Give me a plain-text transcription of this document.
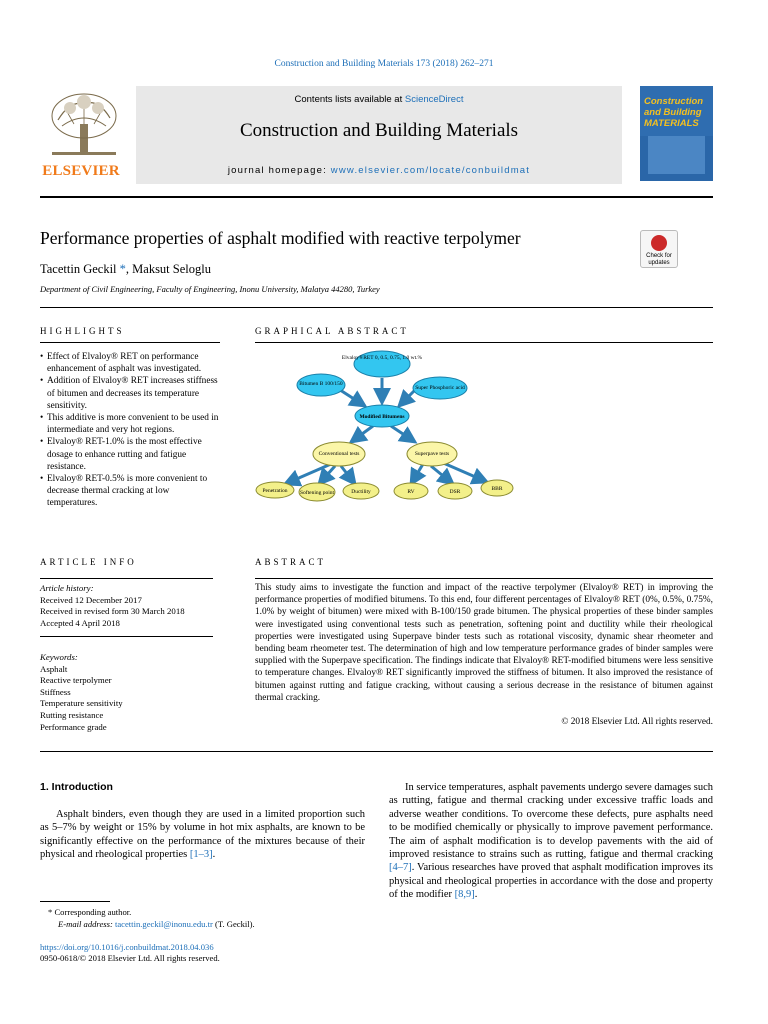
Construction and Building Materials 173 (2018) 262–271
ELSEVIER
Contents lists available at ScienceDirect
Construction and Building Materials
journal homepage: www.elsevier.com/locate/conbuildmat
Construction and Building MATERIALS
Performance properties of asphalt modified with reactive terpolymer
Check for updates
Tacettin Geckil *, Maksut Seloglu
Department of Civil Engineering, Faculty of Engineering, Inonu University, Malatya 44280, Turkey
HIGHLIGHTS
• Effect of Elvaloy® RET on performance enhancement of asphalt was investigated.
• Addition of Elvaloy® RET increases stiffness of bitumen and decreases its temperature sensitivity.
• This additive is more convenient to be used in intermediate and very hot regions.
• Elvaloy® RET-1.0% is the most effective dosage to enhance rutting and fatigue resistance.
• Elvaloy® RET-0.5% is more convenient to decrease thermal cracking at low temperatures.
GRAPHICAL ABSTRACT
Elvaloy®RET 0, 0.5, 0.75, 1.0 wt.%
Bitumen B 100/150
Super Phosphoric acid
Modified Bitumens
Conventional tests	Superpave tests
Penetration Softening point	Ductility	RV	DSR	BBR
ARTICLE INFO
Article history:
Received 12 December 2017
Received in revised form 30 March 2018
Accepted 4 April 2018
Keywords:
Asphalt
Reactive terpolymer
Stiffness
Temperature sensitivity
Rutting resistance
Performance grade
ABSTRACT
This study aims to investigate the function and impact of the reactive terpolymer (Elvaloy® RET) in improving the performance properties of modified bitumens. To this end, four different percentages of Elvaloy® RET (0%, 0.5%, 0.75%, 1.0% by weight of bitumen) were mixed with B-100/150 grade bitumen. The physical properties of these binder samples were investigated using conventional tests such as penetration, softening point and ductility while their rheological properties were investigated using Superpave binder tests such as rotational viscosity, dynamic shear rheometer and bending beam rheometer test. The determination of high and low temperature performance grades of binder samples were supplied with the Superpave specification. The findings indicate that Elvaloy® RET-modified bitumens were less sensitive to temperature changes. Elvaloy® RET significantly improved the stiffness of bitumen. It also improved the resistance of bitumen against rutting and fatigue cracking, without causing a serious decrease in the resistance of bitumen against thermal cracking.
© 2018 Elsevier Ltd. All rights reserved.
1. Introduction
Asphalt binders, even though they are used in a limited proportion such as 5–7% by weight or 15% by volume in hot mix asphalts, are known to be significantly effective on the performance of the mixtures because of their physical and rheological properties [1–3].
In service temperatures, asphalt pavements undergo severe damages such as rutting, fatigue and thermal cracking under excessive traffic loads and adverse weather conditions. To overcome these defects, pure asphalts need to be modified chemically or physically to improve pavement performance. The aim of asphalt modification is to develop pavements with the aid of improved resistance to strains such as rutting, fatigue and thermal cracking [4–7]. Various researches have proved that asphalt modification improves its physical and rheological properties in accordance with the dose and property of the modifier [8,9].
* Corresponding author.
E-mail address: tacettin.geckil@inonu.edu.tr (T. Geckil).
https://doi.org/10.1016/j.conbuildmat.2018.04.036
0950-0618/© 2018 Elsevier Ltd. All rights reserved.
